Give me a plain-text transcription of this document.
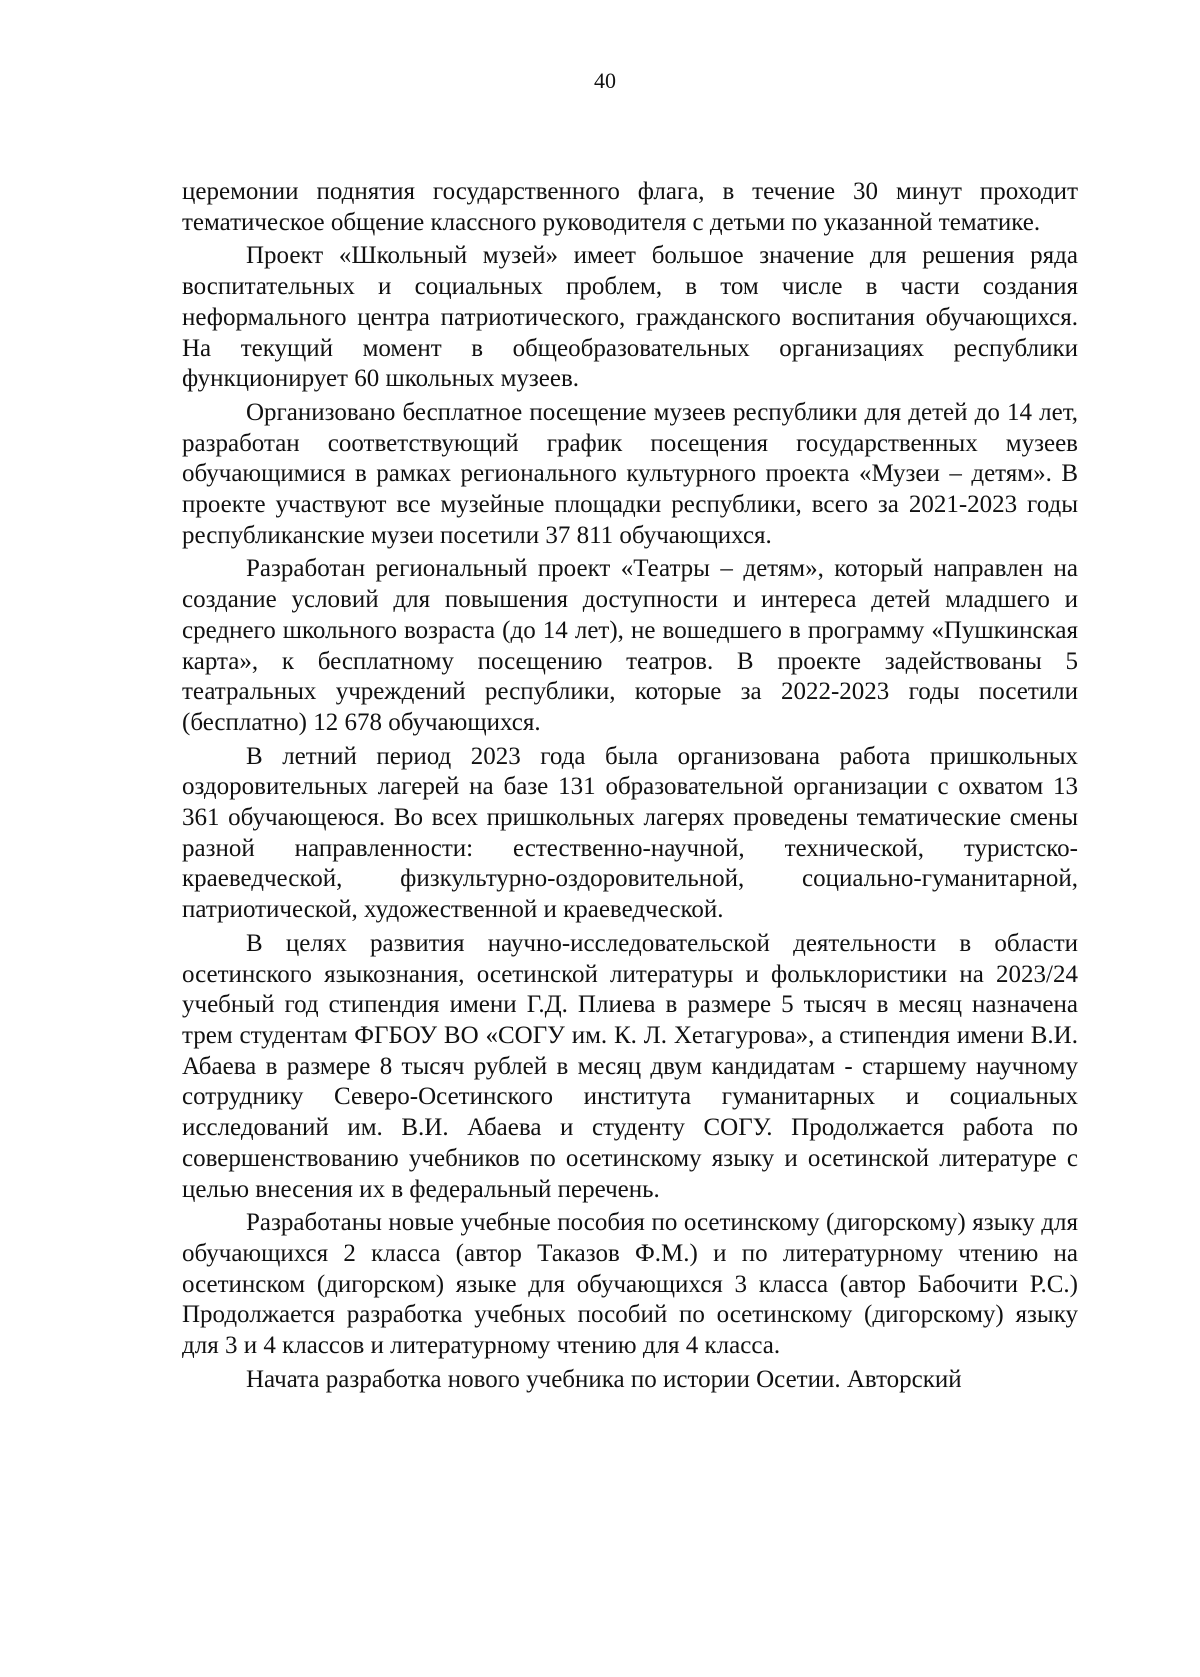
40

церемонии поднятия государственного флага, в течение 30 минут проходит тематическое общение классного руководителя с детьми по указанной тематике.

Проект «Школьный музей» имеет большое значение для решения ряда воспитательных и социальных проблем, в том числе в части создания неформального центра патриотического, гражданского воспитания обучающихся. На текущий момент в общеобразовательных организациях республики функционирует 60 школьных музеев.

Организовано бесплатное посещение музеев республики для детей до 14 лет, разработан соответствующий график посещения государственных музеев обучающимися в рамках регионального культурного проекта «Музеи – детям». В проекте участвуют все музейные площадки республики, всего за 2021-2023 годы республиканские музеи посетили 37 811 обучающихся.

Разработан региональный проект «Театры – детям», который направлен на создание условий для повышения доступности и интереса детей младшего и среднего школьного возраста (до 14 лет), не вошедшего в программу «Пушкинская карта», к бесплатному посещению театров. В проекте задействованы 5 театральных учреждений республики, которые за 2022-2023 годы посетили (бесплатно) 12 678 обучающихся.

В летний период 2023 года была организована работа пришкольных оздоровительных лагерей на базе 131 образовательной организации с охватом 13 361 обучающеюся. Во всех пришкольных лагерях проведены тематические смены разной направленности: естественно-научной, технической, туристско-краеведческой, физкультурно-оздоровительной, социально-гуманитарной, патриотической, художественной и краеведческой.

В целях развития научно-исследовательской деятельности в области осетинского языкознания, осетинской литературы и фольклористики на 2023/24 учебный год стипендия имени Г.Д. Плиева в размере 5 тысяч в месяц назначена трем студентам ФГБОУ ВО «СОГУ им. К. Л. Хетагурова», а стипендия имени В.И. Абаева в размере 8 тысяч рублей в месяц двум кандидатам - старшему научному сотруднику Северо-Осетинского института гуманитарных и социальных исследований им. В.И. Абаева и студенту СОГУ. Продолжается работа по совершенствованию учебников по осетинскому языку и осетинской литературе с целью внесения их в федеральный перечень.

Разработаны новые учебные пособия по осетинскому (дигорскому) языку для обучающихся 2 класса (автор Таказов Ф.М.) и по литературному чтению на осетинском (дигорском) языке для обучающихся 3 класса (автор Бабочити Р.С.) Продолжается разработка учебных пособий по осетинскому (дигорскому) языку для 3 и 4 классов и литературному чтению для 4 класса.

Начата разработка нового учебника по истории Осетии. Авторский
